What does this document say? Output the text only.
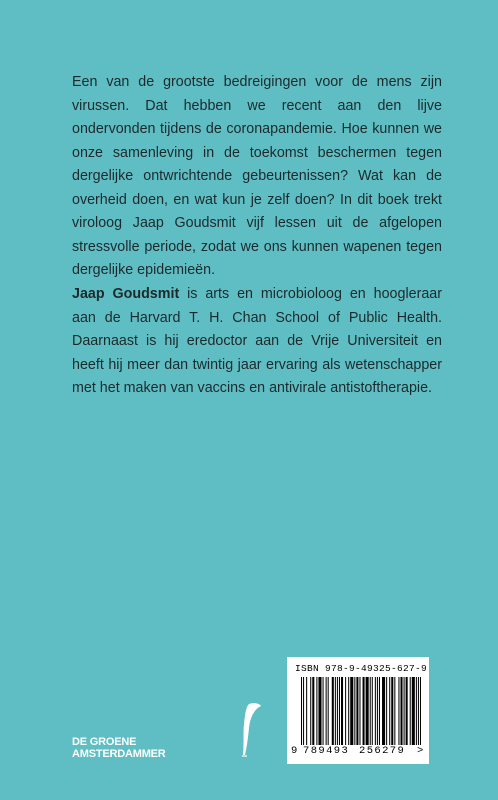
Een van de grootste bedreigingen voor de mens zijn virussen. Dat hebben we recent aan den lijve ondervonden tijdens de coronapandemie. Hoe kunnen we onze samenleving in de toekomst beschermen tegen dergelijke ontwrichtende gebeurtenissen? Wat kan de overheid doen, en wat kun je zelf doen? In dit boek trekt viroloog Jaap Goudsmit vijf lessen uit de afgelopen stressvolle periode, zodat we ons kunnen wapenen tegen dergelijke epidemieën.

Jaap Goudsmit is arts en microbioloog en hoogleraar aan de Harvard T. H. Chan School of Public Health. Daarnaast is hij eredoctor aan de Vrije Universiteit en heeft hij meer dan twintig jaar ervaring als wetenschapper met het maken van vaccins en antivirale antistoftherapie.

DE GROENE
AMSTERDAMMER
ISBN 978-9-49325-627-9
9 789493 256279 >
